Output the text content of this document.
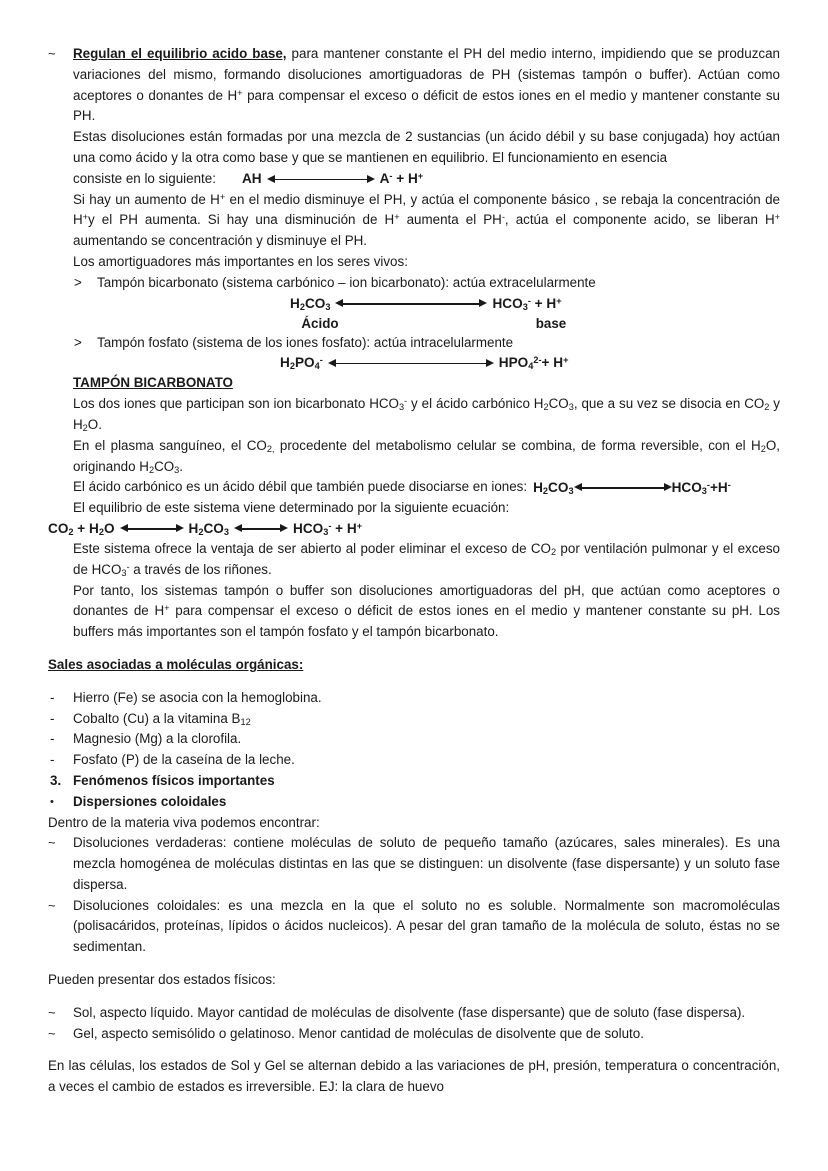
~	Regulan el equilibrio acido base, para mantener constante el PH del medio interno, impidiendo que se produzcan variaciones del mismo, formando disoluciones amortiguadoras de PH (sistemas tampón o buffer). Actúan como aceptores o donantes de H+ para compensar el exceso o déficit de estos iones en el medio y mantener constante su PH.

Estas disoluciones están formadas por una mezcla de 2 sustancias (un ácido débil y su base conjugada) hoy actúan una como ácido y la otra como base y que se mantienen en equilibrio. El funcionamiento en esencia

consiste en lo siguiente: AH	A- + H+

Si hay un aumento de H+ en el medio disminuye el PH, y actúa el componente básico , se rebaja la concentración de H+y el PH aumenta. Si hay una disminución de H+ aumenta el PH-, actúa el componente acido, se liberan H+ aumentando se concentración y disminuye el PH.

Los amortiguadores más importantes en los seres vivos:

>	Tampón bicarbonato (sistema carbónico – ion bicarbonato): actúa extracelularmente

$H_2CO_3$	$HCO_3^- + H^+$
Ácido	base
>	Tampón fosfato (sistema de los iones fosfato): actúa intracelularmente

$H_2PO_4^-$	$HPO_4^{2-}+ H^+$

TAMPÓN BICARBONATO

Los dos iones que participan son ion bicarbonato $HCO_3^-$ y el ácido carbónico $H_2CO_3$, que a su vez se disocia en $CO_2$ y $H_2O$.

En el plasma sanguíneo, el $CO_{2,}$ procedente del metabolismo celular se combina, de forma reversible, con el $H_2O$, originando $H_2CO_3$.

El ácido carbónico es un ácido débil que también puede disociarse en iones: $H_2CO_3$	$HCO_3^-+H^-$

El equilibrio de este sistema viene determinado por la siguiente ecuación:

$CO_2 + H_2O$	$H_2CO_3$	$HCO_3^- + H^+$

Este sistema ofrece la ventaja de ser abierto al poder eliminar el exceso de $CO_2$ por ventilación pulmonar y el exceso de $HCO_3^-$ a través de los riñones.

Por tanto, los sistemas tampón o buffer son disoluciones amortiguadoras del pH, que actúan como aceptores o donantes de H+ para compensar el exceso o déficit de estos iones en el medio y mantener constante su pH. Los buffers más importantes son el tampón fosfato y el tampón bicarbonato.

Sales asociadas a moléculas orgánicas:

-	Hierro (Fe) se asocia con la hemoglobina.

-	Cobalto (Cu) a la vitamina $B_{12}$

-	Magnesio (Mg) a la clorofila.

-	Fosfato (P) de la caseína de la leche.

3. Fenómenos físicos importantes

•	Dispersiones coloidales

Dentro de la materia viva podemos encontrar:

~	Disoluciones verdaderas: contiene moléculas de soluto de pequeño tamaño (azúcares, sales minerales). Es una mezcla homogénea de moléculas distintas en las que se distinguen: un disolvente (fase dispersante) y un soluto fase dispersa.

~	Disoluciones coloidales: es una mezcla en la que el soluto no es soluble. Normalmente son macromoléculas (polisacáridos, proteínas, lípidos o ácidos nucleicos). A pesar del gran tamaño de la molécula de soluto, éstas no se sedimentan.

Pueden presentar dos estados físicos:

~	Sol, aspecto líquido. Mayor cantidad de moléculas de disolvente (fase dispersante) que de soluto (fase dispersa).

~	Gel, aspecto semisólido o gelatinoso. Menor cantidad de moléculas de disolvente que de soluto.

En las células, los estados de Sol y Gel se alternan debido a las variaciones de pH, presión, temperatura o concentración, a veces el cambio de estados es irreversible. EJ: la clara de huevo
